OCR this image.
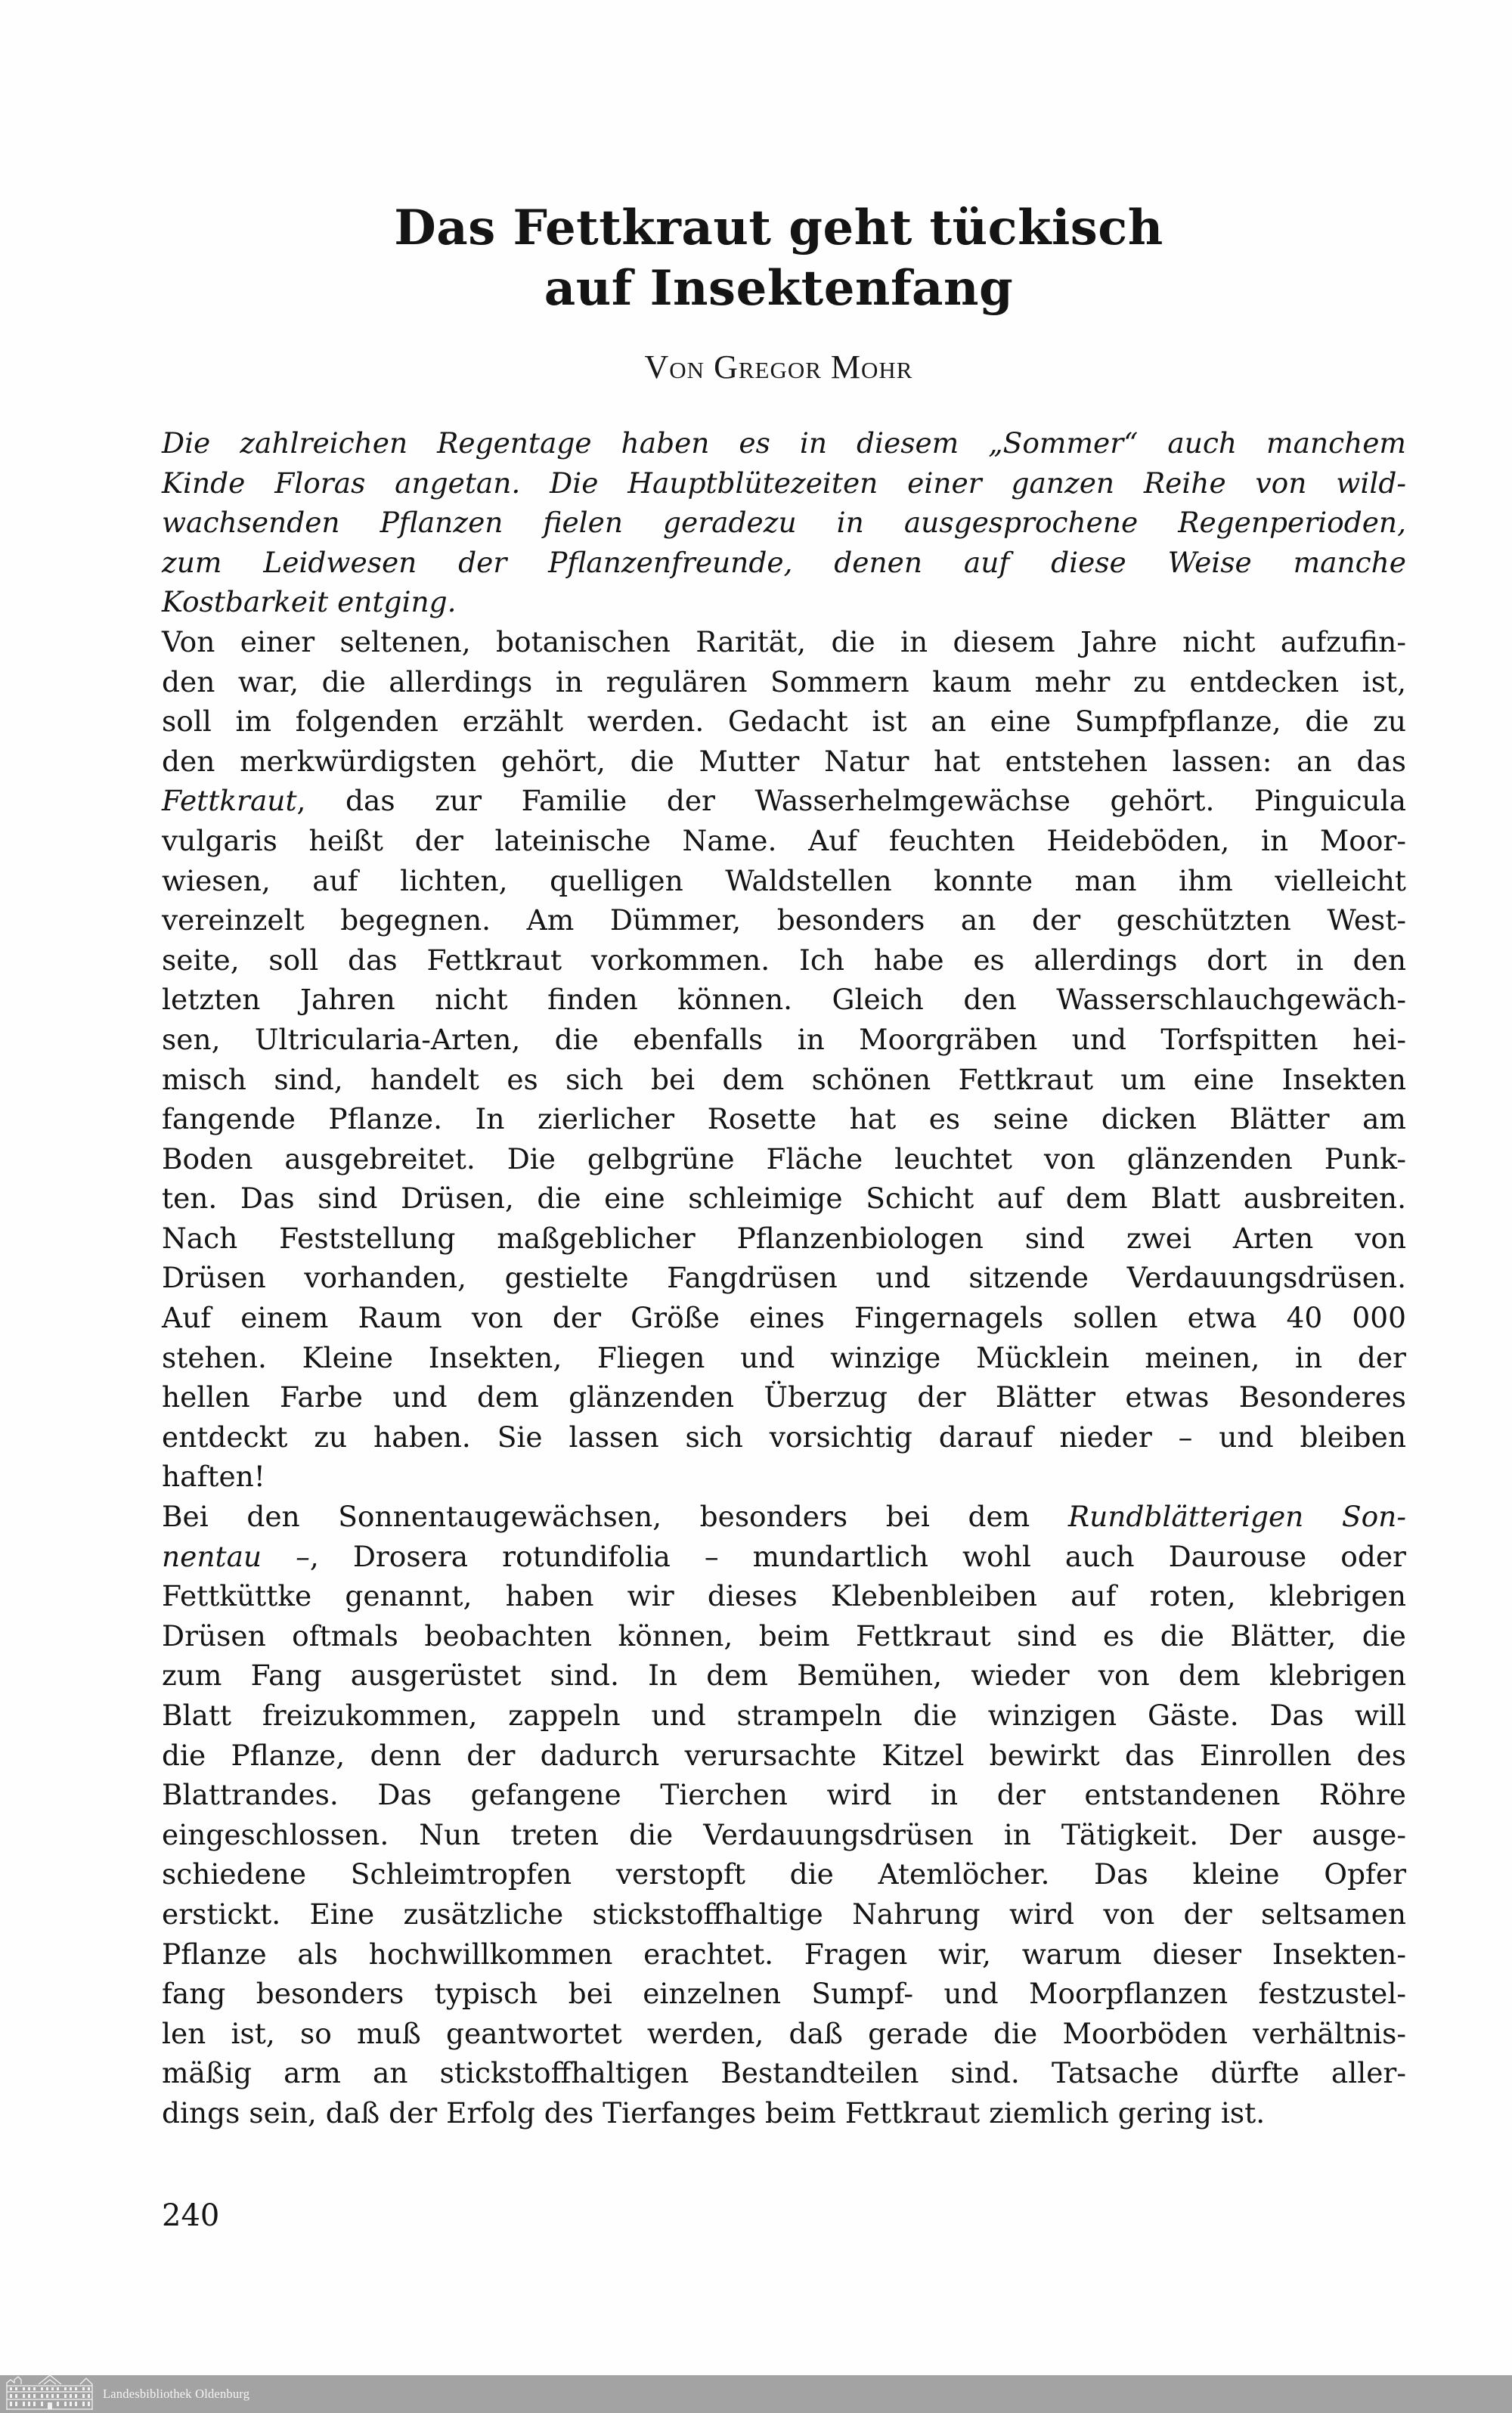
Das Fettkraut geht tückisch
auf Insektenfang
Von Gregor Mohr

Die zahlreichen Regentage haben es in diesem „Sommer“ auch manchem
Kinde Floras angetan. Die Hauptblütezeiten einer ganzen Reihe von wild-
wachsenden Pflanzen fielen geradezu in ausgesprochene Regenperioden,
zum Leidwesen der Pflanzenfreunde, denen auf diese Weise manche
Kostbarkeit entging.

Von einer seltenen, botanischen Rarität, die in diesem Jahre nicht aufzufin-
den war, die allerdings in regulären Sommern kaum mehr zu entdecken ist,
soll im folgenden erzählt werden. Gedacht ist an eine Sumpfpflanze, die zu
den merkwürdigsten gehört, die Mutter Natur hat entstehen lassen: an das
Fettkraut, das zur Familie der Wasserhelmgewächse gehört. Pinguicula
vulgaris heißt der lateinische Name. Auf feuchten Heideböden, in Moor-
wiesen, auf lichten, quelligen Waldstellen konnte man ihm vielleicht
vereinzelt begegnen. Am Dümmer, besonders an der geschützten West-
seite, soll das Fettkraut vorkommen. Ich habe es allerdings dort in den
letzten Jahren nicht finden können. Gleich den Wasserschlauchgewäch-
sen, Ultricularia-Arten, die ebenfalls in Moorgräben und Torfspitten hei-
misch sind, handelt es sich bei dem schönen Fettkraut um eine Insekten
fangende Pflanze. In zierlicher Rosette hat es seine dicken Blätter am
Boden ausgebreitet. Die gelbgrüne Fläche leuchtet von glänzenden Punk-
ten. Das sind Drüsen, die eine schleimige Schicht auf dem Blatt ausbreiten.
Nach Feststellung maßgeblicher Pflanzenbiologen sind zwei Arten von
Drüsen vorhanden, gestielte Fangdrüsen und sitzende Verdauungsdrüsen.
Auf einem Raum von der Größe eines Fingernagels sollen etwa 40 000
stehen. Kleine Insekten, Fliegen und winzige Mücklein meinen, in der
hellen Farbe und dem glänzenden Überzug der Blätter etwas Besonderes
entdeckt zu haben. Sie lassen sich vorsichtig darauf nieder – und bleiben
haften!

Bei den Sonnentaugewächsen, besonders bei dem Rundblätterigen Son-
nentau –, Drosera rotundifolia – mundartlich wohl auch Daurouse oder
Fettküttke genannt, haben wir dieses Klebenbleiben auf roten, klebrigen
Drüsen oftmals beobachten können, beim Fettkraut sind es die Blätter, die
zum Fang ausgerüstet sind. In dem Bemühen, wieder von dem klebrigen
Blatt freizukommen, zappeln und strampeln die winzigen Gäste. Das will
die Pflanze, denn der dadurch verursachte Kitzel bewirkt das Einrollen des
Blattrandes. Das gefangene Tierchen wird in der entstandenen Röhre
eingeschlossen. Nun treten die Verdauungsdrüsen in Tätigkeit. Der ausge-
schiedene Schleimtropfen verstopft die Atemlöcher. Das kleine Opfer
erstickt. Eine zusätzliche stickstoffhaltige Nahrung wird von der seltsamen
Pflanze als hochwillkommen erachtet. Fragen wir, warum dieser Insekten-
fang besonders typisch bei einzelnen Sumpf- und Moorpflanzen festzustel-
len ist, so muß geantwortet werden, daß gerade die Moorböden verhältnis-
mäßig arm an stickstoffhaltigen Bestandteilen sind. Tatsache dürfte aller-
dings sein, daß der Erfolg des Tierfanges beim Fettkraut ziemlich gering ist.

240
Landesbibliothek Oldenburg
